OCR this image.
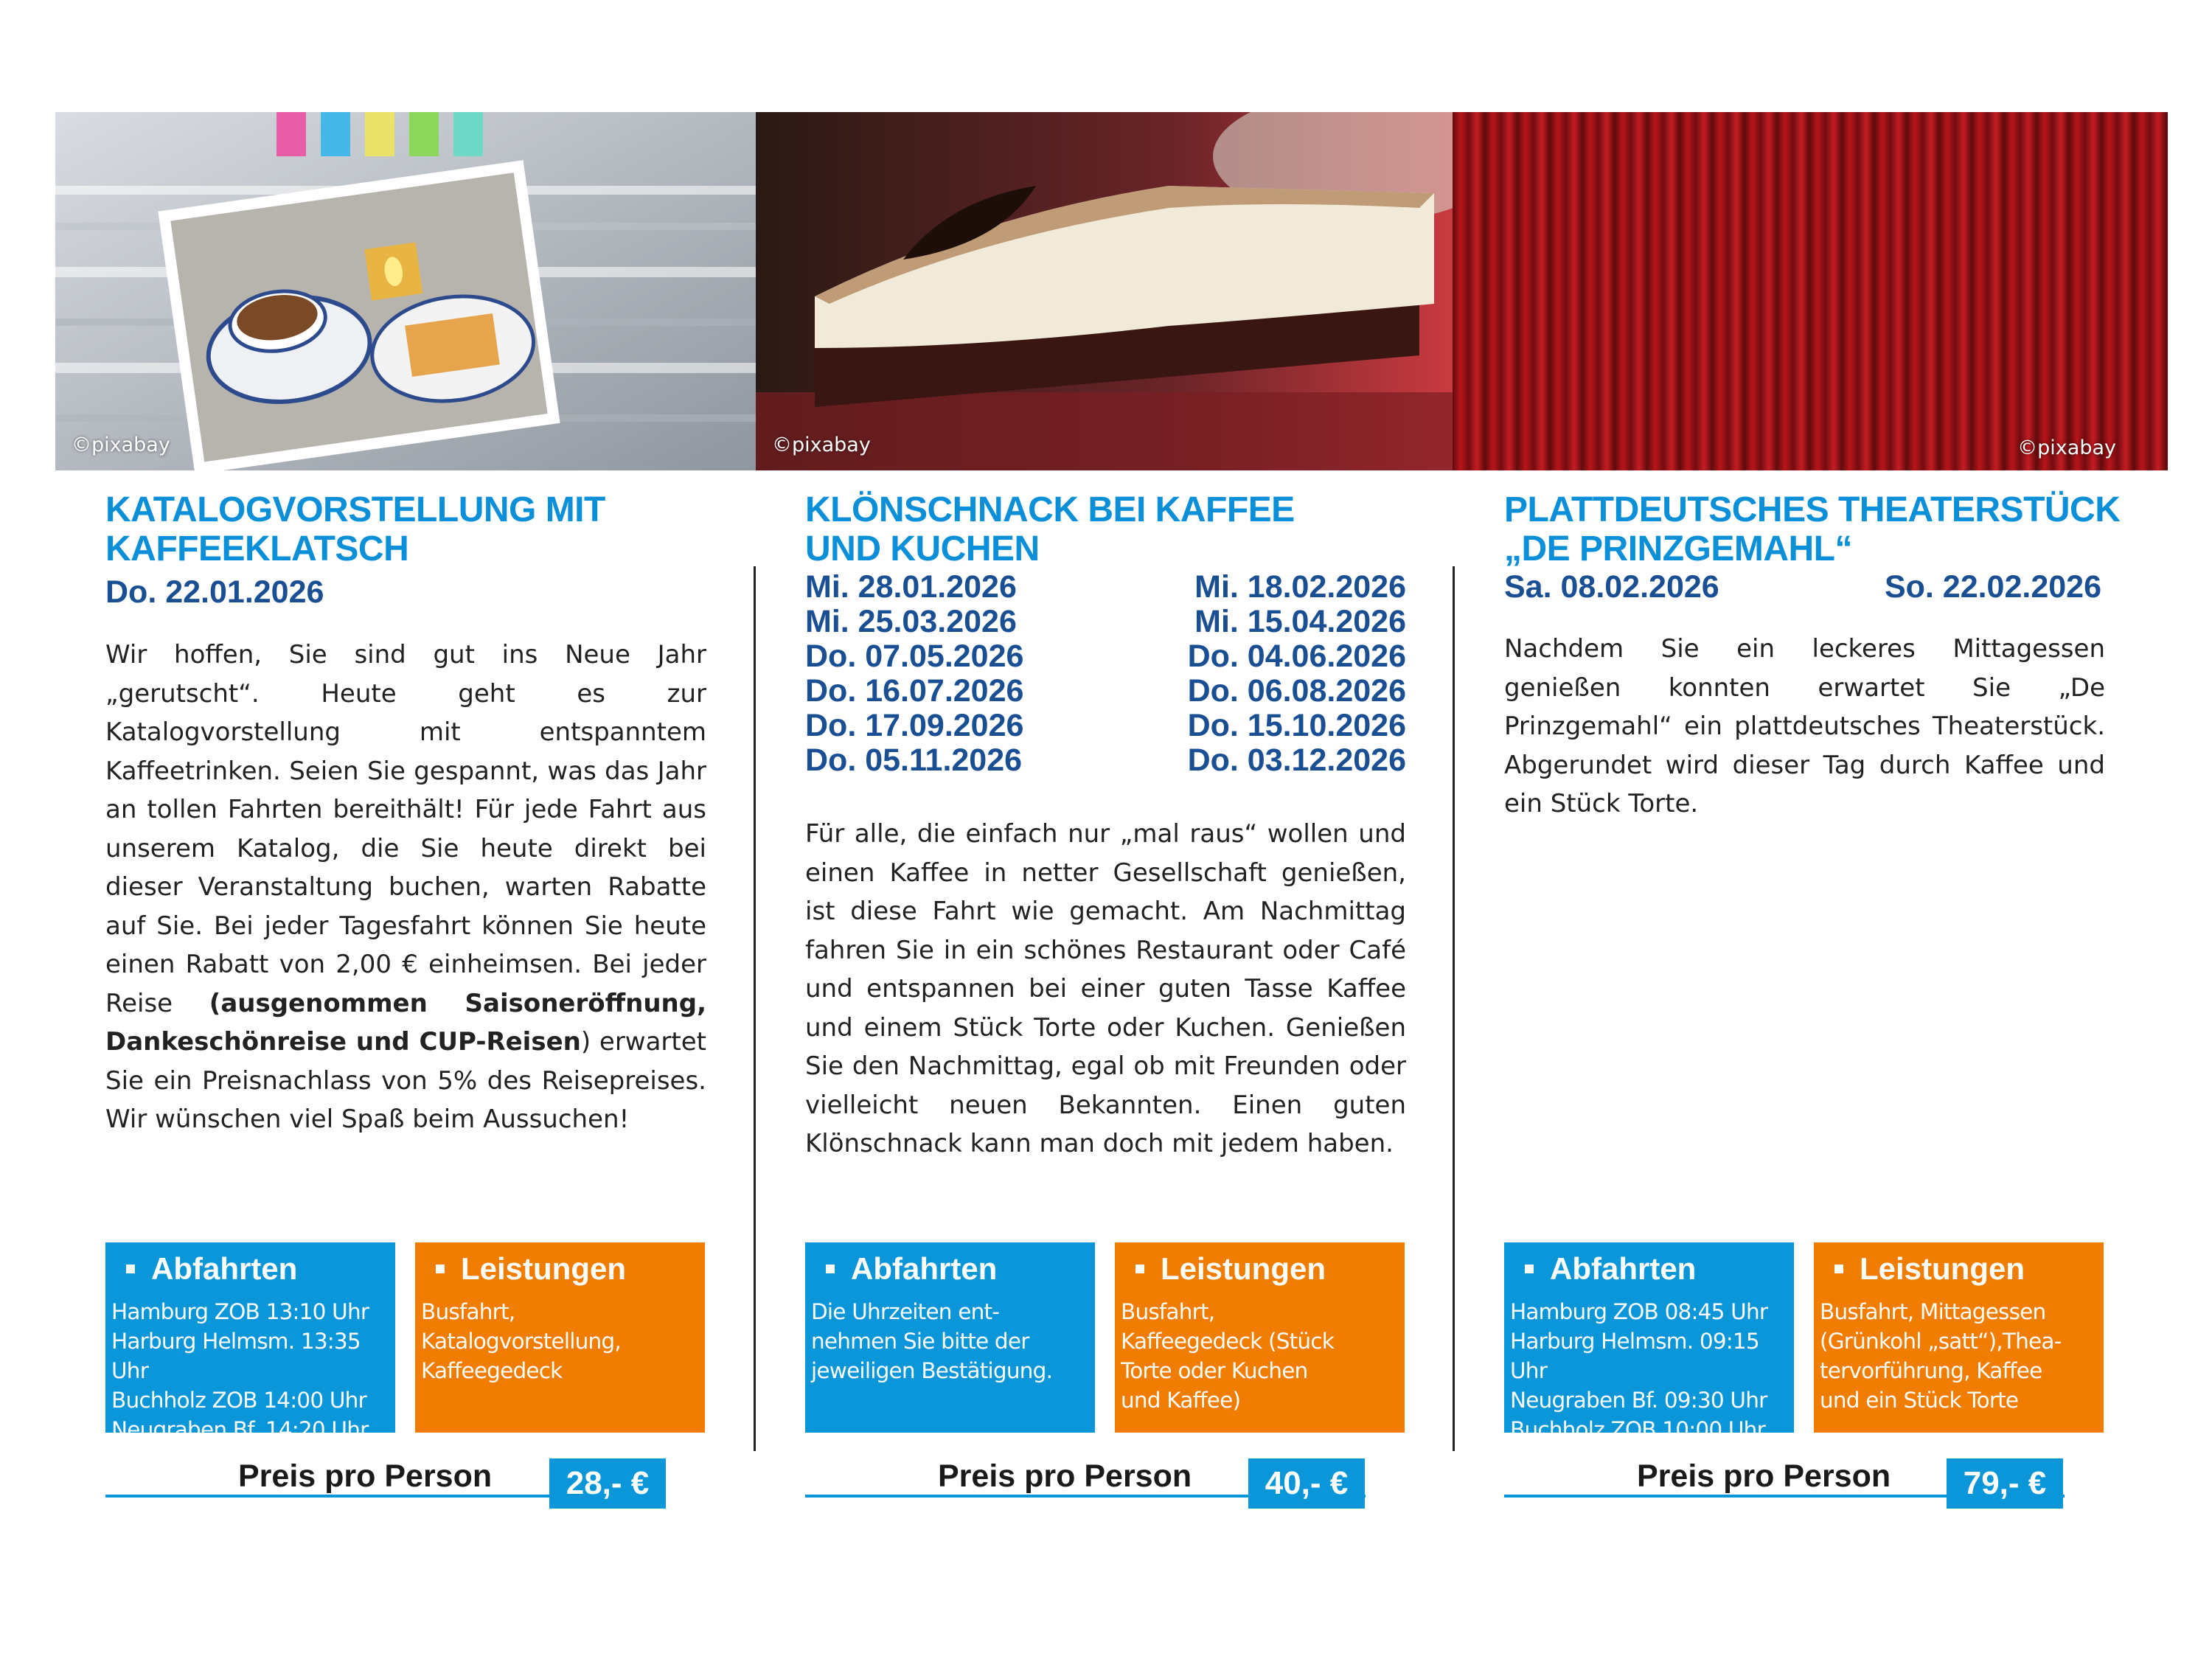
©pixabay	©pixabay	©pixabay
KATALOGVORSTELLUNG MIT KAFFEEKLATSCH
Do. 22.01.2026
Wir hoffen, Sie sind gut ins Neue Jahr „gerutscht“. Heute geht es zur Katalogvorstellung mit entspanntem Kaffeetrinken. Seien Sie gespannt, was das Jahr an tollen Fahrten bereithält! Für jede Fahrt aus unserem Katalog, die Sie heute direkt bei dieser Veranstaltung buchen, warten Rabatte auf Sie. Bei jeder Tagesfahrt können Sie heute einen Rabatt von 2,00 € einheimsen. Bei jeder Reise (ausgenommen Saisoneröffnung, Dankeschönreise und CUP-Reisen) erwartet Sie ein Preisnachlass von 5% des Reisepreises. Wir wünschen viel Spaß beim Aussuchen!
KLÖNSCHNACK BEI KAFFEE UND KUCHEN
Mi. 28.01.2026	Mi. 18.02.2026
Mi. 25.03.2026	Mi. 15.04.2026
Do. 07.05.2026	Do. 04.06.2026
Do. 16.07.2026	Do. 06.08.2026
Do. 17.09.2026	Do. 15.10.2026
Do. 05.11.2026	Do. 03.12.2026
Für alle, die einfach nur „mal raus“ wollen und einen Kaffee in netter Gesellschaft genießen, ist diese Fahrt wie gemacht. Am Nachmittag fahren Sie in ein schönes Restaurant oder Café und entspannen bei einer guten Tasse Kaffee und einem Stück Torte oder Kuchen. Genießen Sie den Nachmittag, egal ob mit Freunden oder vielleicht neuen Bekannten. Einen guten Klönschnack kann man doch mit jedem haben.
PLATTDEUTSCHES THEATERSTÜCK „DE PRINZGEMAHL“
Sa. 08.02.2026	So. 22.02.2026
Nachdem Sie ein leckeres Mittagessen genießen konnten erwartet Sie „De Prinzgemahl“ ein plattdeutsches Theaterstück. Abgerundet wird dieser Tag durch Kaffee und ein Stück Torte.
Abfahrten
Hamburg ZOB 13:10 Uhr
Harburg Helmsm. 13:35 Uhr
Buchholz ZOB 14:00 Uhr
Neugraben Bf. 14:20 Uhr
Leistungen
Busfahrt,
Katalogvorstellung,
Kaffeegedeck
Abfahrten
Die Uhrzeiten ent-
nehmen Sie bitte der
jeweiligen Bestätigung.
Leistungen
Busfahrt,
Kaffeegedeck (Stück
Torte oder Kuchen
und Kaffee)
Abfahrten
Hamburg ZOB 08:45 Uhr
Harburg Helmsm. 09:15 Uhr
Neugraben Bf. 09:30 Uhr
Buchholz ZOB 10:00 Uhr
Leistungen
Busfahrt, Mittagessen
(Grünkohl „satt“),Thea-
tervorführung, Kaffee
und ein Stück Torte
Preis pro Person	28,- €	Preis pro Person	40,- €	Preis pro Person	79,- €
